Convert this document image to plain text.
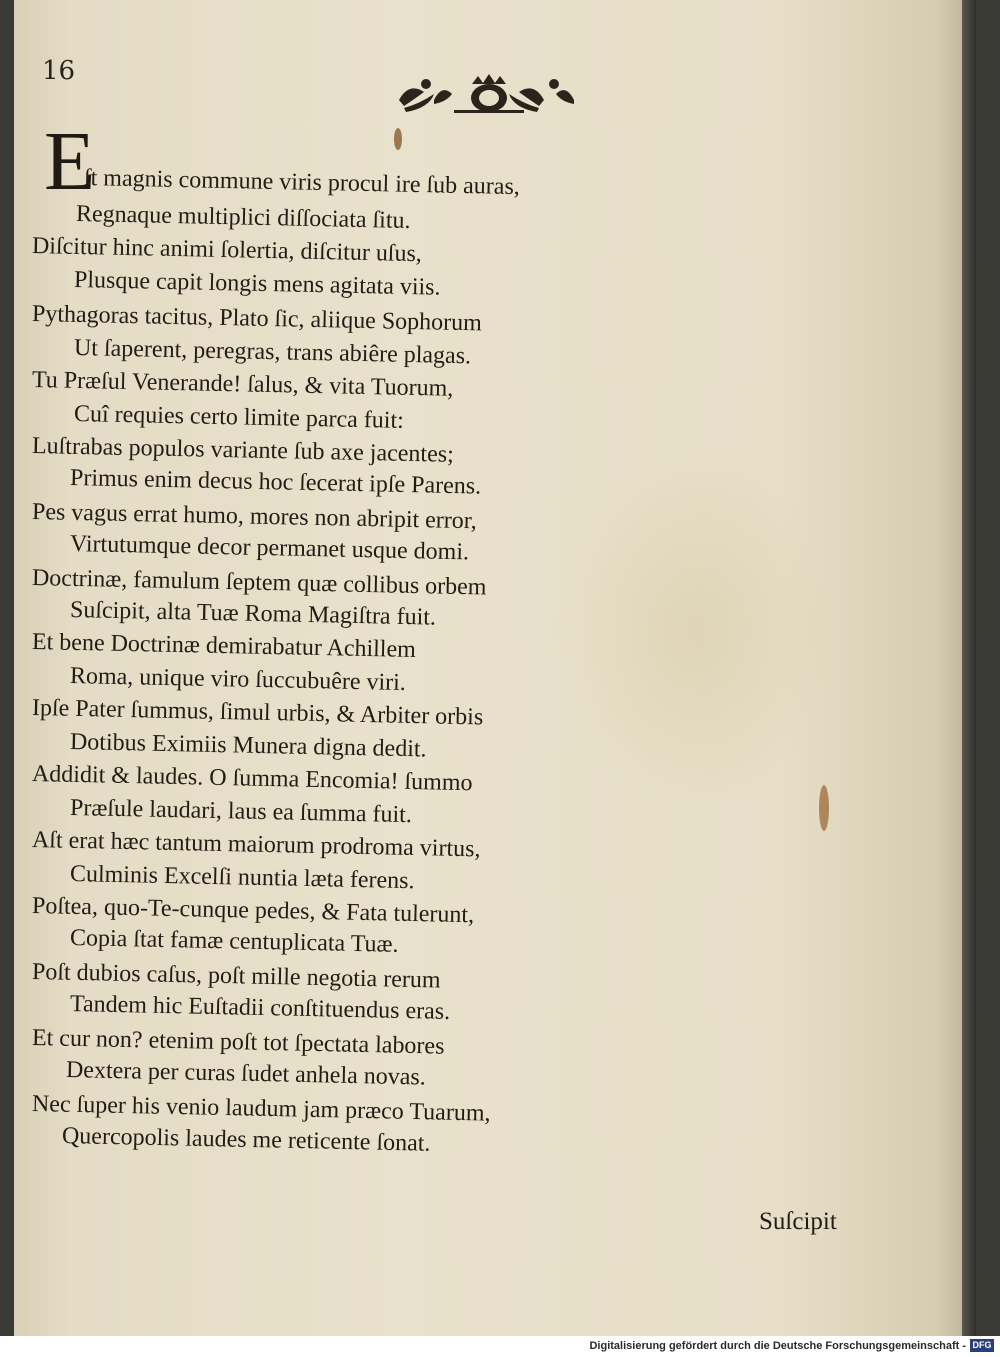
16
E
ſt magnis commune viris procul ire ſub auras,
Regnaque multiplici diſſociata ſitu.
Diſcitur hinc animi ſolertia, diſcitur uſus,
Plusque capit longis mens agitata viis.
Pythagoras tacitus, Plato ſic, aliique Sophorum
Ut ſaperent, peregras, trans abiêre plagas.
Tu Præſul Venerande! ſalus, & vita Tuorum,
Cuî requies certo limite parca fuit:
Luſtrabas populos variante ſub axe jacentes;
Primus enim decus hoc ſecerat ipſe Parens.
Pes vagus errat humo, mores non abripit error,
Virtutumque decor permanet usque domi.
Doctrinæ, famulum ſeptem quæ collibus orbem
Suſcipit, alta Tuæ Roma Magiſtra fuit.
Et bene Doctrinæ demirabatur Achillem
Roma, unique viro ſuccubuêre viri.
Ipſe Pater ſummus, ſimul urbis, & Arbiter orbis
Dotibus Eximiis Munera digna dedit.
Addidit & laudes. O ſumma Encomia! ſummo
Præſule laudari, laus ea ſumma fuit.
Aſt erat hæc tantum maiorum prodroma virtus,
Culminis Excelſi nuntia læta ferens.
Poſtea, quo-Te-cunque pedes, & Fata tulerunt,
Copia ſtat famæ centuplicata Tuæ.
Poſt dubios caſus, poſt mille negotia rerum
Tandem hic Euſtadii conſtituendus eras.
Et cur non? etenim poſt tot ſpectata labores
Dextera per curas ſudet anhela novas.
Nec ſuper his venio laudum jam præco Tuarum,
Quercopolis laudes me reticente ſonat.
Suſcipit
Digitalisierung gefördert durch die Deutsche Forschungsgemeinschaft - DFG
